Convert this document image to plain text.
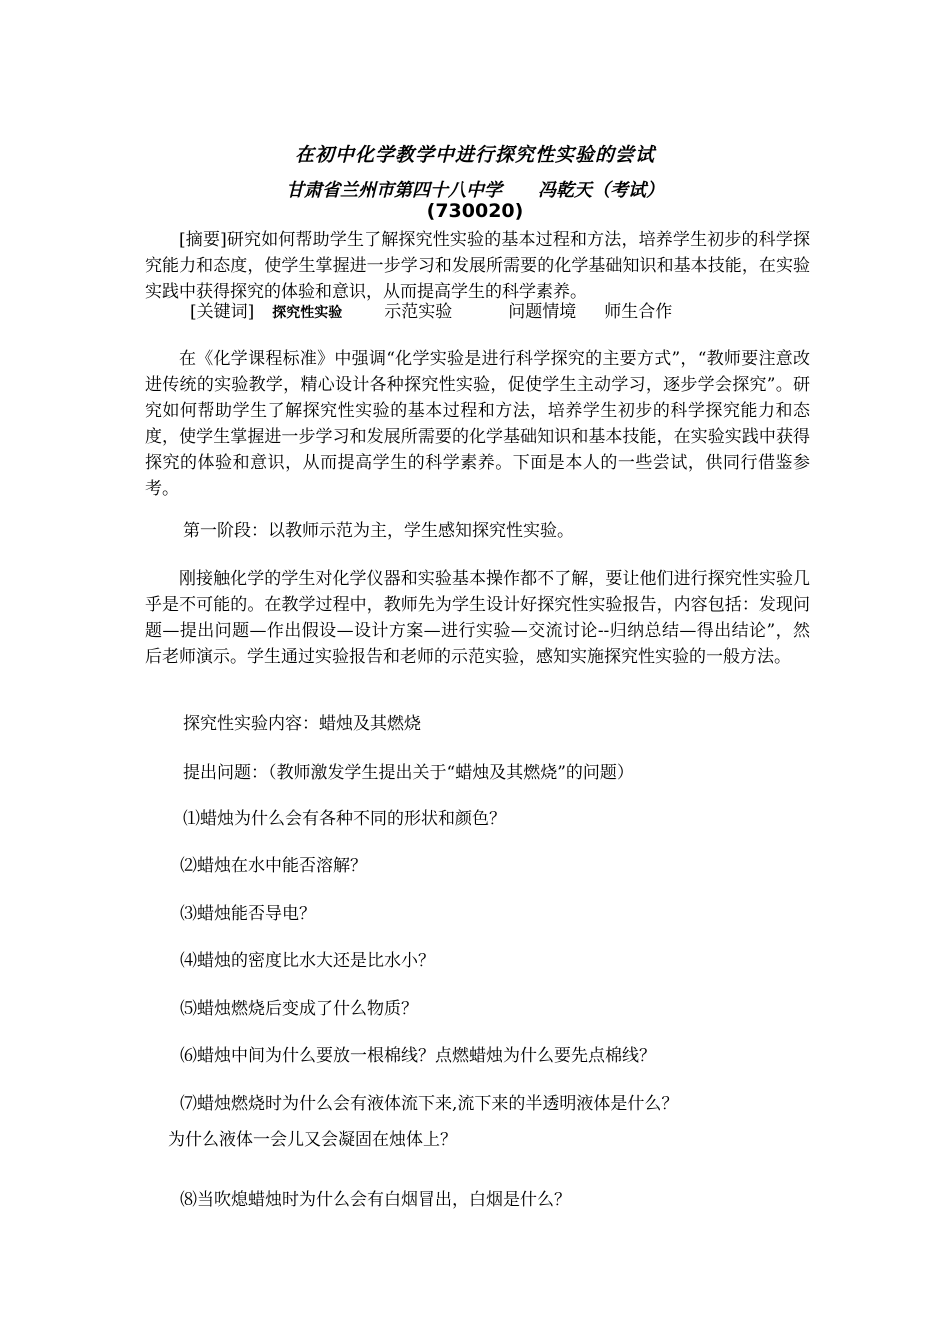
在初中化学教学中进行探究性实验的尝试
甘肃省兰州市第四十八中学 冯乾天（考试）
(730020)

[摘要]研究如何帮助学生了解探究性实验的基本过程和方法，培养学生初步的科学探究能力和态度，使学生掌握进一步学习和发展所需要的化学基础知识和基本技能，在实验实践中获得探究的体验和意识，从而提高学生的科学素养。

[关键词] 探究性实验 示范实验	问题情境 师生合作

在《化学课程标准》中强调“化学实验是进行科学探究的主要方式”，“教师要注意改进传统的实验教学，精心设计各种探究性实验，促使学生主动学习，逐步学会探究”。研究如何帮助学生了解探究性实验的基本过程和方法，培养学生初步的科学探究能力和态度，使学生掌握进一步学习和发展所需要的化学基础知识和基本技能，在实验实践中获得探究的体验和意识，从而提高学生的科学素养。下面是本人的一些尝试，供同行借鉴参考。

第一阶段：以教师示范为主，学生感知探究性实验。

刚接触化学的学生对化学仪器和实验基本操作都不了解，要让他们进行探究性实验几乎是不可能的。在教学过程中，教师先为学生设计好探究性实验报告，内容包括：发现问题—提出问题—作出假设—设计方案—进行实验—交流讨论--归纳总结—得出结论”，然后老师演示。学生通过实验报告和老师的示范实验，感知实施探究性实验的一般方法。

探究性实验内容：蜡烛及其燃烧

提出问题：（教师激发学生提出关于“蜡烛及其燃烧”的问题）

⑴蜡烛为什么会有各种不同的形状和颜色？

⑵蜡烛在水中能否溶解？

⑶蜡烛能否导电？

⑷蜡烛的密度比水大还是比水小？

⑸蜡烛燃烧后变成了什么物质？

⑹蜡烛中间为什么要放一根棉线？点燃蜡烛为什么要先点棉线？

⑺蜡烛燃烧时为什么会有液体流下来,流下来的半透明液体是什么？

为什么液体一会儿又会凝固在烛体上？

⑻当吹熄蜡烛时为什么会有白烟冒出，白烟是什么？
